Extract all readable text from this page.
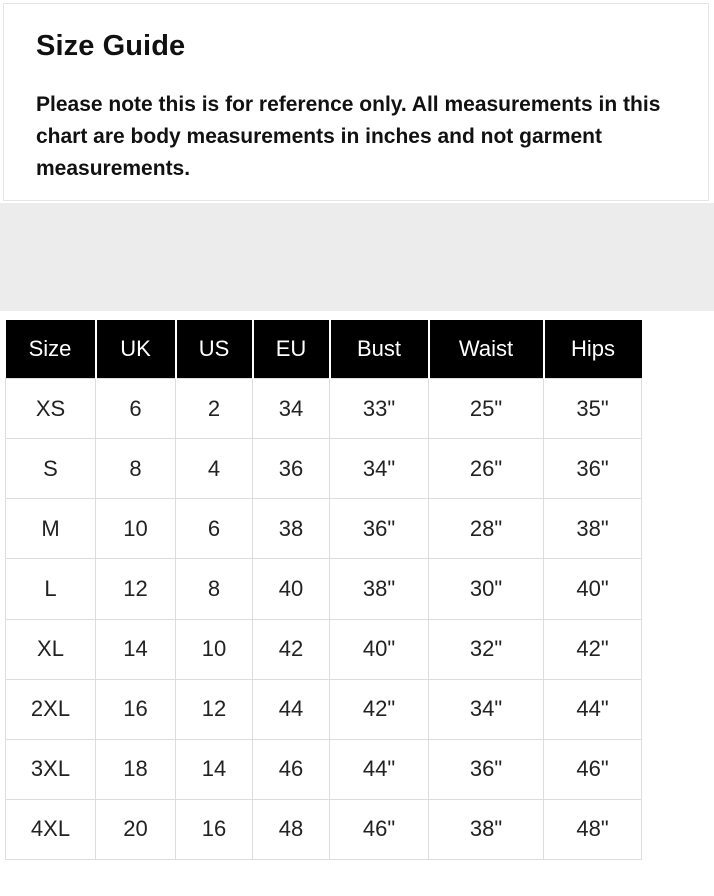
Size Guide

Please note this is for reference only. All measurements in this chart are body measurements in inches and not garment measurements.

Size	UK	US	EU	Bust	Waist	Hips
XS	6	2	34	33"	25"	35"
S	8	4	36	34"	26"	36"
M	10	6	38	36"	28"	38"
L	12	8	40	38"	30"	40"
XL	14	10	42	40"	32"	42"
2XL	16	12	44	42"	34"	44"
3XL	18	14	46	44"	36"	46"
4XL	20	16	48	46"	38"	48"
